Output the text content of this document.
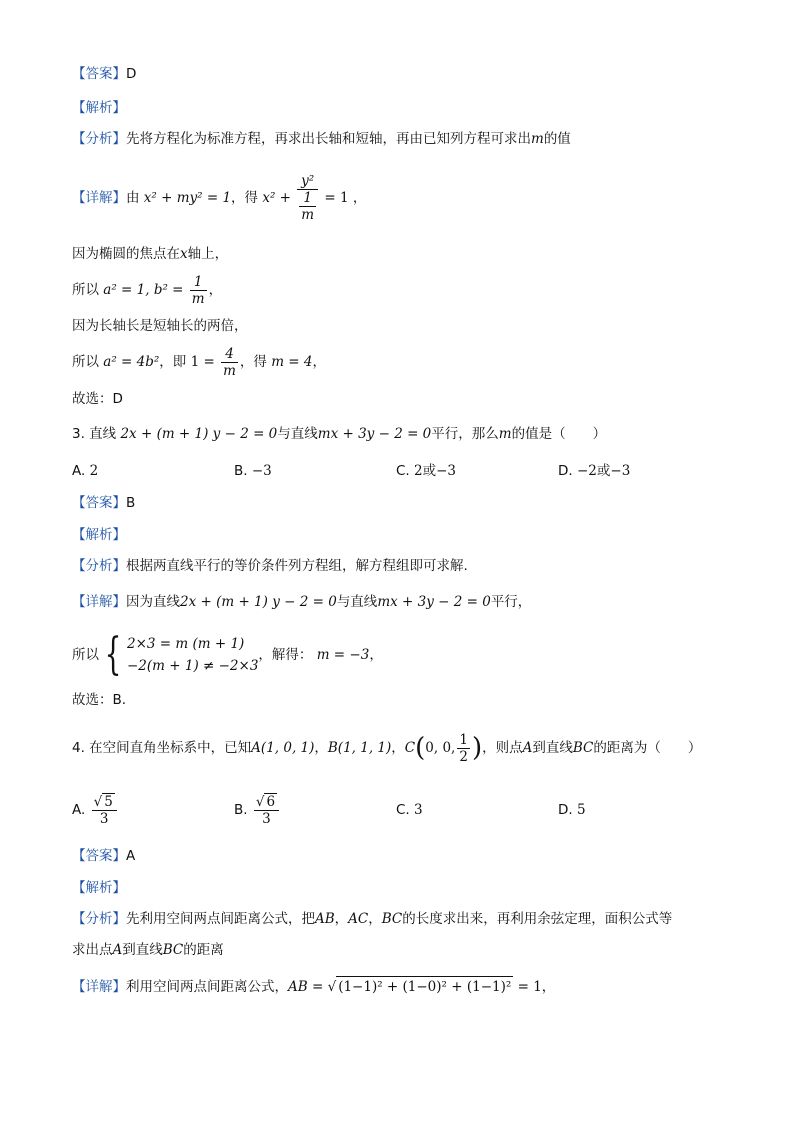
【答案】D
【解析】
【分析】先将方程化为标准方程，再求出长轴和短轴，再由已知列方程可求出m的值
【详解】由 x² + my² = 1，得 $x^2 + \frac{\text{y²}}{\frac{1}{m}} = 1$ ，
因为椭圆的焦点在x轴上，
所以 a² = 1, $b^2 = \frac{1}{m}$ ，
因为长轴长是短轴长的两倍，
所以 a² = 4b²，即 $1 = \frac{4}{m}$ ，得 m = 4，
故选：D
3. 直线 2x + (m + 1) y − 2 = 0与直线mx + 3y − 2 = 0平行，那么m的值是（　　）
A. 2	B. −3	C. 2或−3	D. −2或−3
【答案】B
【解析】
【分析】根据两直线平行的等价条件列方程组，解方程组即可求解.
【详解】因为直线2x + (m + 1) y − 2 = 0与直线mx + 3y − 2 = 0平行，
所以 { 2×3 = m (m + 1)
−2(m + 1) ≠ −2×3
，解得： m = −3，
故选：B.
4. 在空间直角坐标系中，已知A(1, 0, 1)，B(1, 1, 1)，C(0, 0, $\frac{1}{2}$ )，则点A到直线BC的距离为（　　）
A. $\frac{√ 5}{3}$	B. $\frac{√ 6}{3}$	C. 3	D. 5
【答案】A
【解析】
【分析】先利用空间两点间距离公式，把AB，AC，BC的长度求出来，再利用余弦定理，面积公式等
求出点A到直线BC的距离
【详解】利用空间两点间距离公式，AB = √ (1−1)² + (1−0)² + (1−1)² = 1，
